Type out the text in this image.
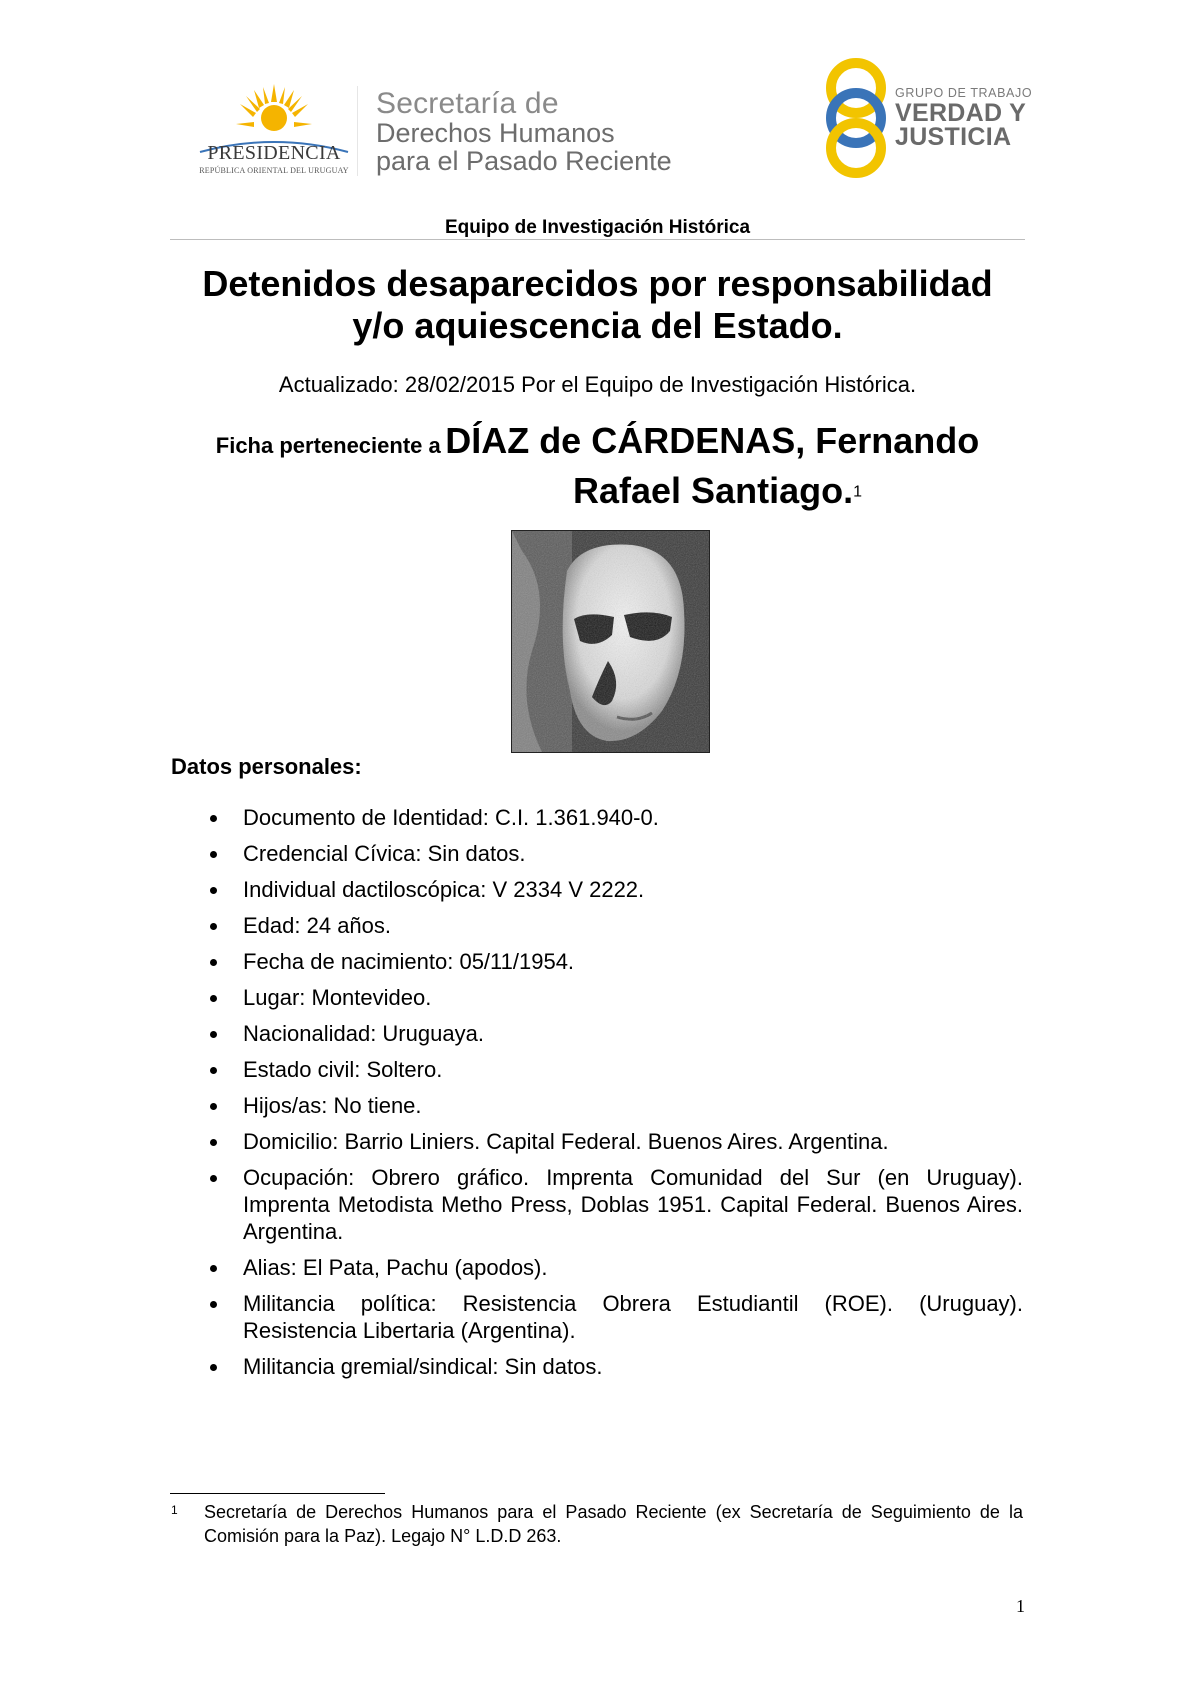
PRESIDENCIA
REPÚBLICA ORIENTAL DEL URUGUAY
Secretaría de
Derechos Humanos
para el Pasado Reciente
GRUPO DE TRABAJO
VERDAD Y
JUSTICIA
Equipo de Investigación Histórica
Detenidos desaparecidos por responsabilidad
y/o aquiescencia del Estado.
Actualizado: 28/02/2015 Por el Equipo de Investigación Histórica.
Ficha perteneciente a DÍAZ de CÁRDENAS, Fernando
Rafael Santiago.$^1$
Datos personales:
Documento de Identidad: C.I. 1.361.940-0.
Credencial Cívica: Sin datos.
Individual dactiloscópica: V 2334 V 2222.
Edad: 24 años.
Fecha de nacimiento: 05/11/1954.
Lugar: Montevideo.
Nacionalidad: Uruguaya.
Estado civil: Soltero.
Hijos/as: No tiene.
Domicilio: Barrio Liniers. Capital Federal. Buenos Aires. Argentina.
Ocupación: Obrero gráfico. Imprenta Comunidad del Sur (en Uruguay). Imprenta Metodista Metho Press, Doblas 1951. Capital Federal. Buenos Aires. Argentina.
Alias: El Pata, Pachu (apodos).
Militancia política: Resistencia Obrera Estudiantil (ROE). (Uruguay). Resistencia Libertaria (Argentina).
Militancia gremial/sindical: Sin datos.
1 Secretaría de Derechos Humanos para el Pasado Reciente (ex Secretaría de Seguimiento de la Comisión para la Paz). Legajo N° L.D.D 263.
1
